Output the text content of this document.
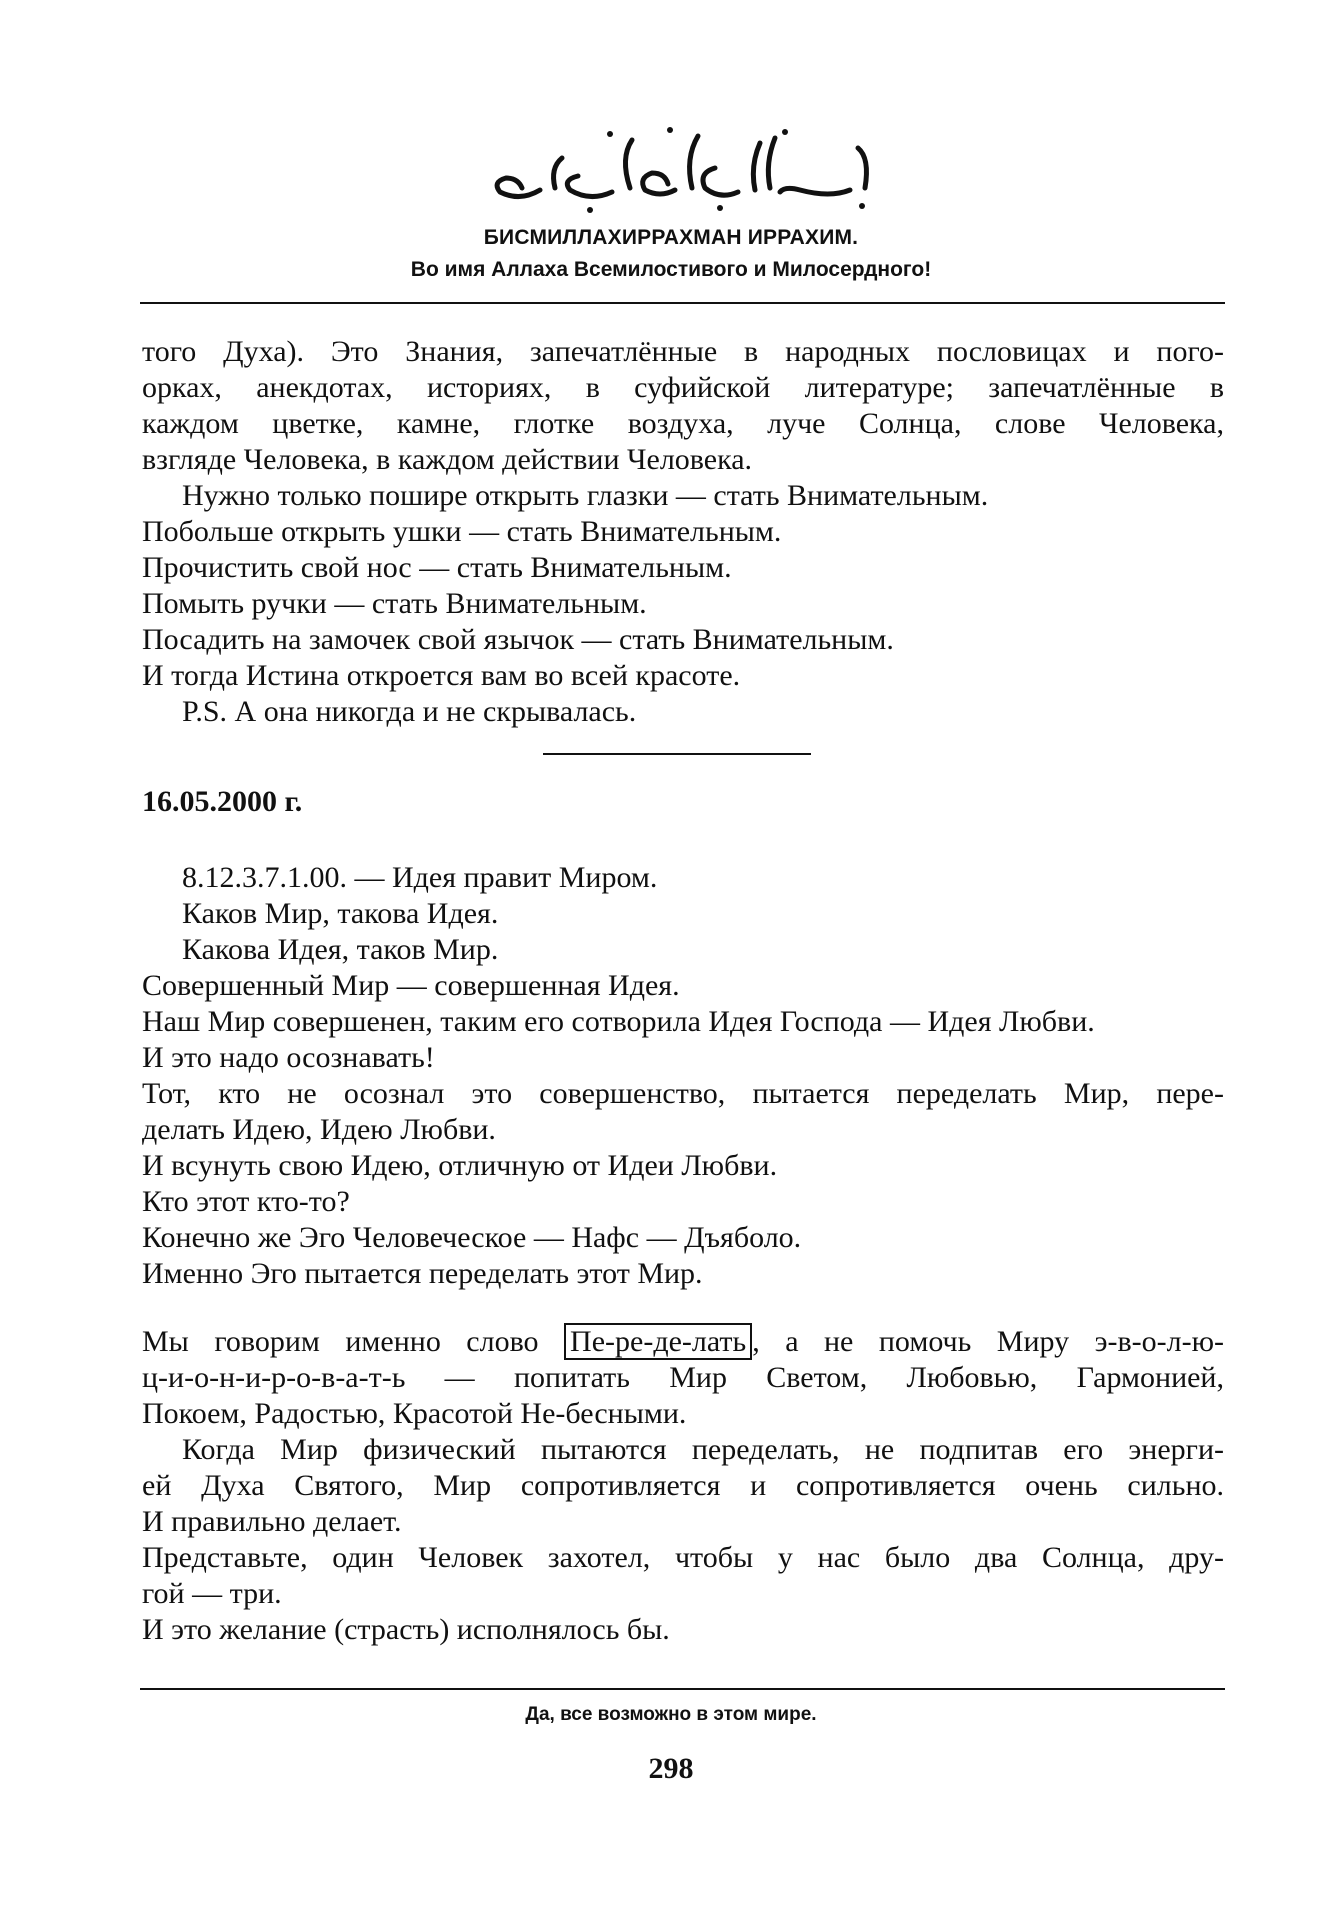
بسم الله الرحمن الرحيم
БИСМИЛЛАХИРРАХМАН ИРРАХИМ.
Во имя Аллаха Всемилостивого и Милосердного!
того Духа). Это Знания, запечатлённые в народных пословицах и пого-
орках, анекдотах, историях, в суфийской литературе; запечатлённые в
каждом цветке, камне, глотке воздуха, луче Солнца, слове Человека,
взгляде Человека, в каждом действии Человека.
Нужно только пошире открыть глазки — стать Внимательным.
Побольше открыть ушки — стать Внимательным.
Прочистить свой нос — стать Внимательным.
Помыть ручки — стать Внимательным.
Посадить на замочек свой язычок — стать Внимательным.
И тогда Истина откроется вам во всей красоте.
P.S. А она никогда и не скрывалась.
16.05.2000 г.
8.12.3.7.1.00. — Идея правит Миром.
Каков Мир, такова Идея.
Какова Идея, таков Мир.
Совершенный Мир — совершенная Идея.
Наш Мир совершенен, таким его сотворила Идея Господа — Идея Любви.
И это надо осознавать!
Тот, кто не осознал это совершенство, пытается переделать Мир, пере-
делать Идею, Идею Любви.
И всунуть свою Идею, отличную от Идеи Любви.
Кто этот кто-то?
Конечно же Эго Человеческое — Нафс — Дъяболо.
Именно Эго пытается переделать этот Мир.
Мы говорим именно слово Пе-ре-де-лать , а не помочь Миру э-в-о-л-ю-
ц-и-о-н-и-р-о-в-а-т-ь — попитать Мир Светом, Любовью, Гармонией,
Покоем, Радостью, Красотой Не-бесными.
Когда Мир физический пытаются переделать, не подпитав его энерги-
ей Духа Святого, Мир сопротивляется и сопротивляется очень сильно.
И правильно делает.
Представьте, один Человек захотел, чтобы у нас было два Солнца, дру-
гой — три.
И это желание (страсть) исполнялось бы.
Да, все возможно в этом мире.
298
